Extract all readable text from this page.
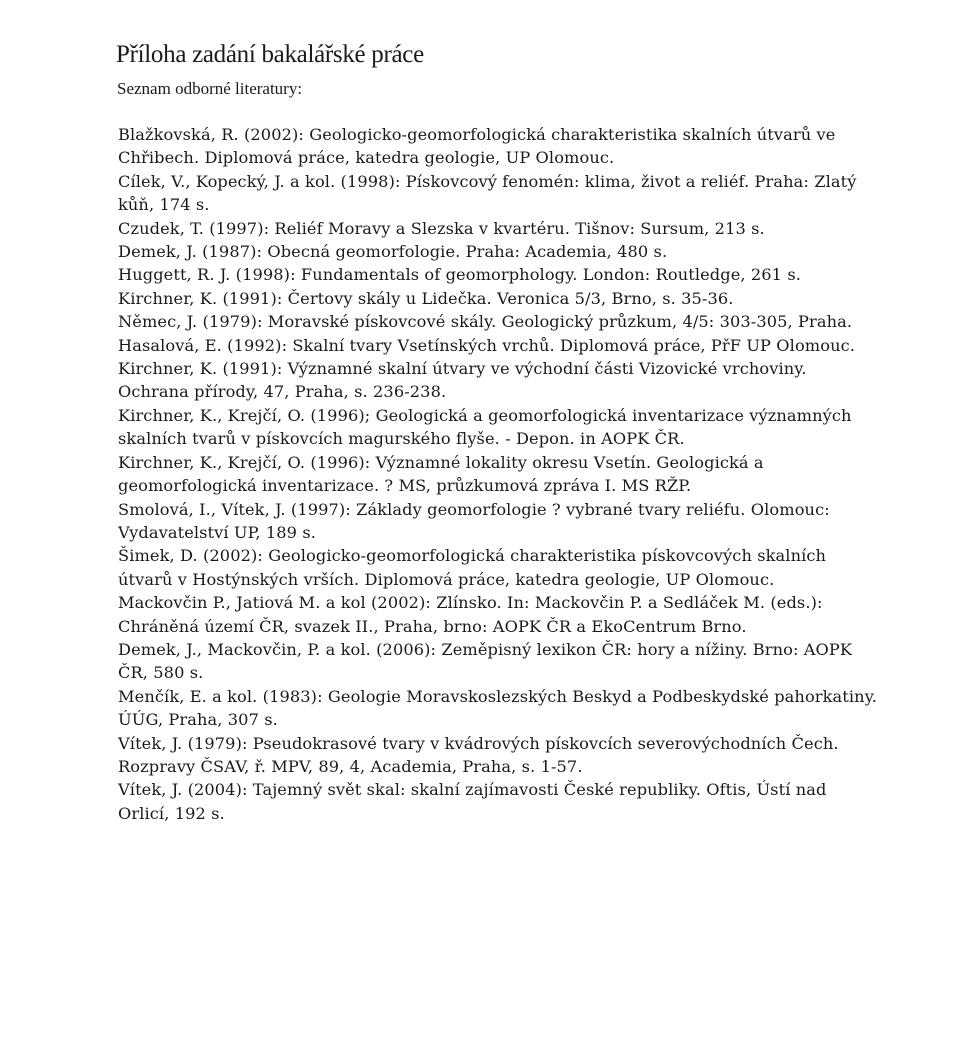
Příloha zadání bakalářské práce
Seznam odborné literatury:
Blažkovská, R. (2002): Geologicko-geomorfologická charakteristika skalních útvarů ve Chřibech. Diplomová práce, katedra geologie, UP Olomouc.
Cílek, V., Kopecký, J. a kol. (1998): Pískovcový fenomén: klima, život a reliéf. Praha: Zlatý kůň, 174 s.
Czudek, T. (1997): Reliéf Moravy a Slezska v kvartéru. Tišnov: Sursum, 213 s.
Demek, J. (1987): Obecná geomorfologie. Praha: Academia, 480 s.
Huggett, R. J. (1998): Fundamentals of geomorphology. London: Routledge, 261 s.
Kirchner, K. (1991): Čertovy skály u Lidečka. Veronica 5/3, Brno, s. 35-36.
Němec, J. (1979): Moravské pískovcové skály. Geologický průzkum, 4/5: 303-305, Praha.
Hasalová, E. (1992): Skalní tvary Vsetínských vrchů. Diplomová práce, PřF UP Olomouc.
Kirchner, K. (1991): Významné skalní útvary ve východní části Vizovické vrchoviny. Ochrana přírody, 47, Praha, s. 236-238.
Kirchner, K., Krejčí, O. (1996); Geologická a geomorfologická inventarizace významných skalních tvarů v pískovcích magurského flyše. - Depon. in AOPK ČR.
Kirchner, K., Krejčí, O. (1996): Významné lokality okresu Vsetín. Geologická a geomorfologická inventarizace. ? MS, průzkumová zpráva I. MS RŽP.
Smolová, I., Vítek, J. (1997): Základy geomorfologie ? vybrané tvary reliéfu. Olomouc: Vydavatelství UP, 189 s.
Šimek, D. (2002): Geologicko-geomorfologická charakteristika pískovcových skalních útvarů v Hostýnských vrších. Diplomová práce, katedra geologie, UP Olomouc.
Mackovčin P., Jatiová M. a kol (2002): Zlínsko. In: Mackovčin P. a Sedláček M. (eds.): Chráněná území ČR, svazek II., Praha, brno: AOPK ČR a EkoCentrum Brno.
Demek, J., Mackovčin, P. a kol. (2006): Zeměpisný lexikon ČR: hory a nížiny. Brno: AOPK ČR, 580 s.
Menčík, E. a kol. (1983): Geologie Moravskoslezských Beskyd a Podbeskydské pahorkatiny. ÚÚG, Praha, 307 s.
Vítek, J. (1979): Pseudokrasové tvary v kvádrových pískovcích severovýchodních Čech. Rozpravy ČSAV, ř. MPV, 89, 4, Academia, Praha, s. 1-57.
Vítek, J. (2004): Tajemný svět skal: skalní zajímavosti České republiky. Oftis, Ústí nad Orlicí, 192 s.
